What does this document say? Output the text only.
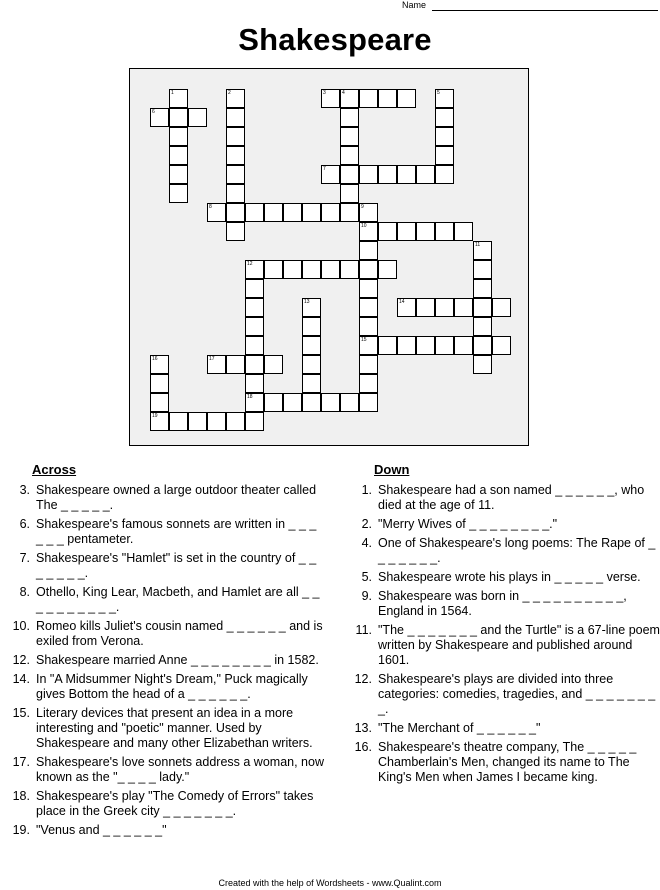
Name
Shakespeare
1	2	3	4	5
6
7
8	9
10
11
12
13	14
15
16	17
18
19
Across
3. Shakespeare owned a large outdoor theater called The _ _ _ _ _.
6. Shakespeare's famous sonnets are written in _ _ _ _ _ _ pentameter.
7. Shakespeare's "Hamlet" is set in the country of _ _ _ _ _ _ _.
8. Othello, King Lear, Macbeth, and Hamlet are all _ _ _ _ _ _ _ _ _ _.
10. Romeo kills Juliet's cousin named _ _ _ _ _ _ and is exiled from Verona.
12. Shakespeare married Anne _ _ _ _ _ _ _ _ in 1582.
14. In "A Midsummer Night's Dream," Puck magically gives Bottom the head of a _ _ _ _ _ _.
15. Literary devices that present an idea in a more interesting and "poetic" manner. Used by Shakespeare and many other Elizabethan writers.
17. Shakespeare's love sonnets address a woman, now known as the "_ _ _ _ lady."
18. Shakespeare's play "The Comedy of Errors" takes place in the Greek city _ _ _ _ _ _ _.
19. "Venus and _ _ _ _ _ _"
Down
1. Shakespeare had a son named _ _ _ _ _ _, who died at the age of 11.
2. "Merry Wives of _ _ _ _ _ _ _ _."
4. One of Shakespeare's long poems: The Rape of _ _ _ _ _ _ _.
5. Shakespeare wrote his plays in _ _ _ _ _ verse.
9. Shakespeare was born in _ _ _ _ _ _ _ _ _ _, England in 1564.
11. "The _ _ _ _ _ _ _ and the Turtle" is a 67-line poem written by Shakespeare and published around 1601.
12. Shakespeare's plays are divided into three categories: comedies, tragedies, and _ _ _ _ _ _ _ _.
13. "The Merchant of _ _ _ _ _ _"
16. Shakespeare's theatre company, The _ _ _ _ _ Chamberlain's Men, changed its name to The King's Men when James I became king.
Created with the help of Wordsheets - www.Qualint.com
